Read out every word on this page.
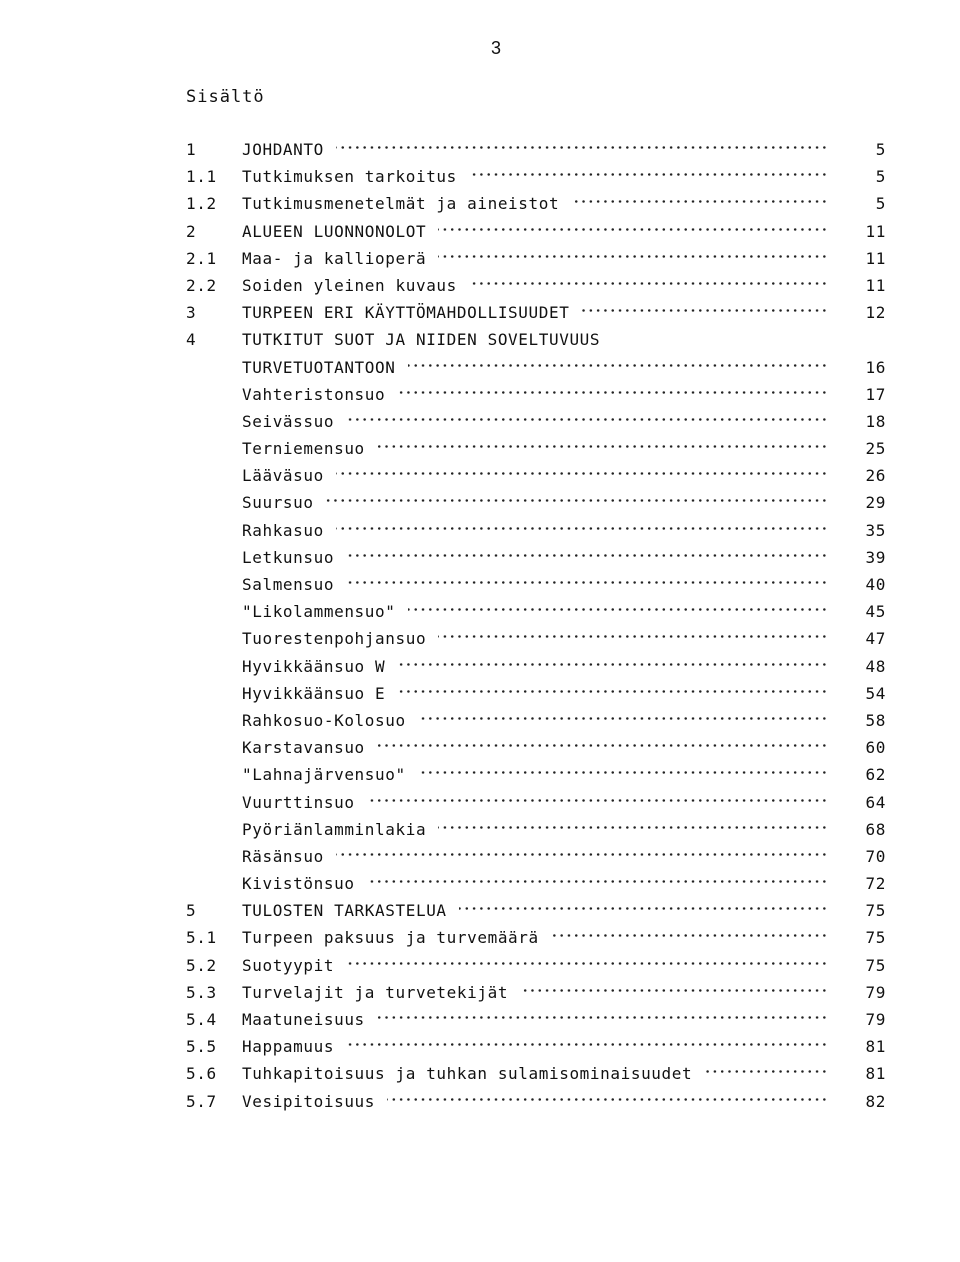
3
Sisältö
1	JOHDANTO	5
1.1 Tutkimuksen tarkoitus	5
1.2 Tutkimusmenetelmät ja aineistot	5
2	ALUEEN LUONNONOLOT	11
2.1 Maa- ja kallioperä	11
2.2 Soiden yleinen kuvaus	11
3	TURPEEN ERI KÄYTTÖMAHDOLLISUUDET	12
4	TUTKITUT SUOT JA NIIDEN SOVELTUVUUS
TURVETUOTANTOON	16
Vahteristonsuo	17
Seivässuo	18
Terniemensuo	25
Lääväsuo	26
Suursuo	29
Rahkasuo	35
Letkunsuo	39
Salmensuo	40
"Likolammensuo"	45
Tuorestenpohjansuo	47
Hyvikkäänsuo W	48
Hyvikkäänsuo E	54
Rahkosuo-Kolosuo	58
Karstavansuo	60
"Lahnajärvensuo"	62
Vuurttinsuo	64
Pyöriänlamminlakia	68
Räsänsuo	70
Kivistönsuo	72
5	TULOSTEN TARKASTELUA	75
5.1 Turpeen paksuus ja turvemäärä	75
5.2 Suotyypit	75
5.3 Turvelajit ja turvetekijät	79
5.4 Maatuneisuus	79
5.5 Happamuus	81
5.6 Tuhkapitoisuus ja tuhkan sulamisominaisuudet	81
5.7 Vesipitoisuus	82
